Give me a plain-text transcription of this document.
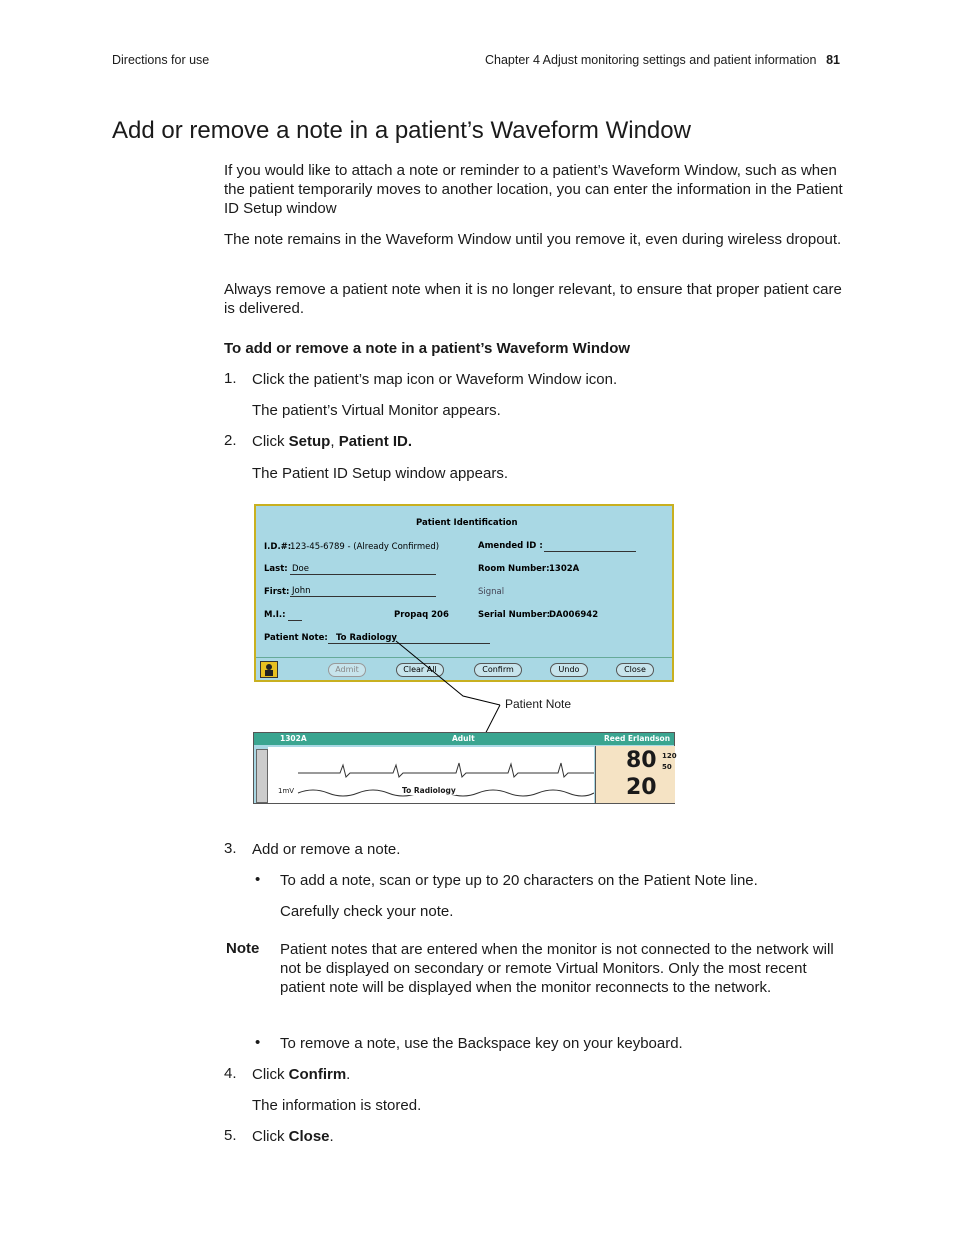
Directions for use	Chapter 4 Adjust monitoring settings and patient information 81
Add or remove a note in a patient’s Waveform Window

If you would like to attach a note or reminder to a patient’s Waveform Window, such as when the patient temporarily moves to another location, you can enter the information in the Patient ID Setup window

The note remains in the Waveform Window until you remove it, even during wireless dropout.

Always remove a patient note when it is no longer relevant, to ensure that proper patient care is delivered.

To add or remove a note in a patient’s Waveform Window

1. Click the patient’s map icon or Waveform Window icon.
The patient’s Virtual Monitor appears.
2. Click Setup, Patient ID.
The Patient ID Setup window appears.
Patient Identification
I.D.#:
123-45-6789 - (Already Confirmed)	Amended ID :
Last: Doe	Room Number: 1302A
First: John	Signal
M.I.:	Propaq 206	Serial Number:
DA006942
Patient Note: To Radiology
Admit	Clear All	Confirm	Undo	Close
Patient Note
1302A	Adult	Reed Erlandson
To Radiology
1mV
80
20
120
50
3. Add or remove a note.
• To add a note, scan or type up to 20 characters on the Patient Note line.
Carefully check your note.
Note Patient notes that are entered when the monitor is not connected to the network will not be displayed on secondary or remote Virtual Monitors. Only the most recent patient note will be displayed when the monitor reconnects to the network.
• To remove a note, use the Backspace key on your keyboard.
4. Click Confirm.
The information is stored.
5. Click Close.
